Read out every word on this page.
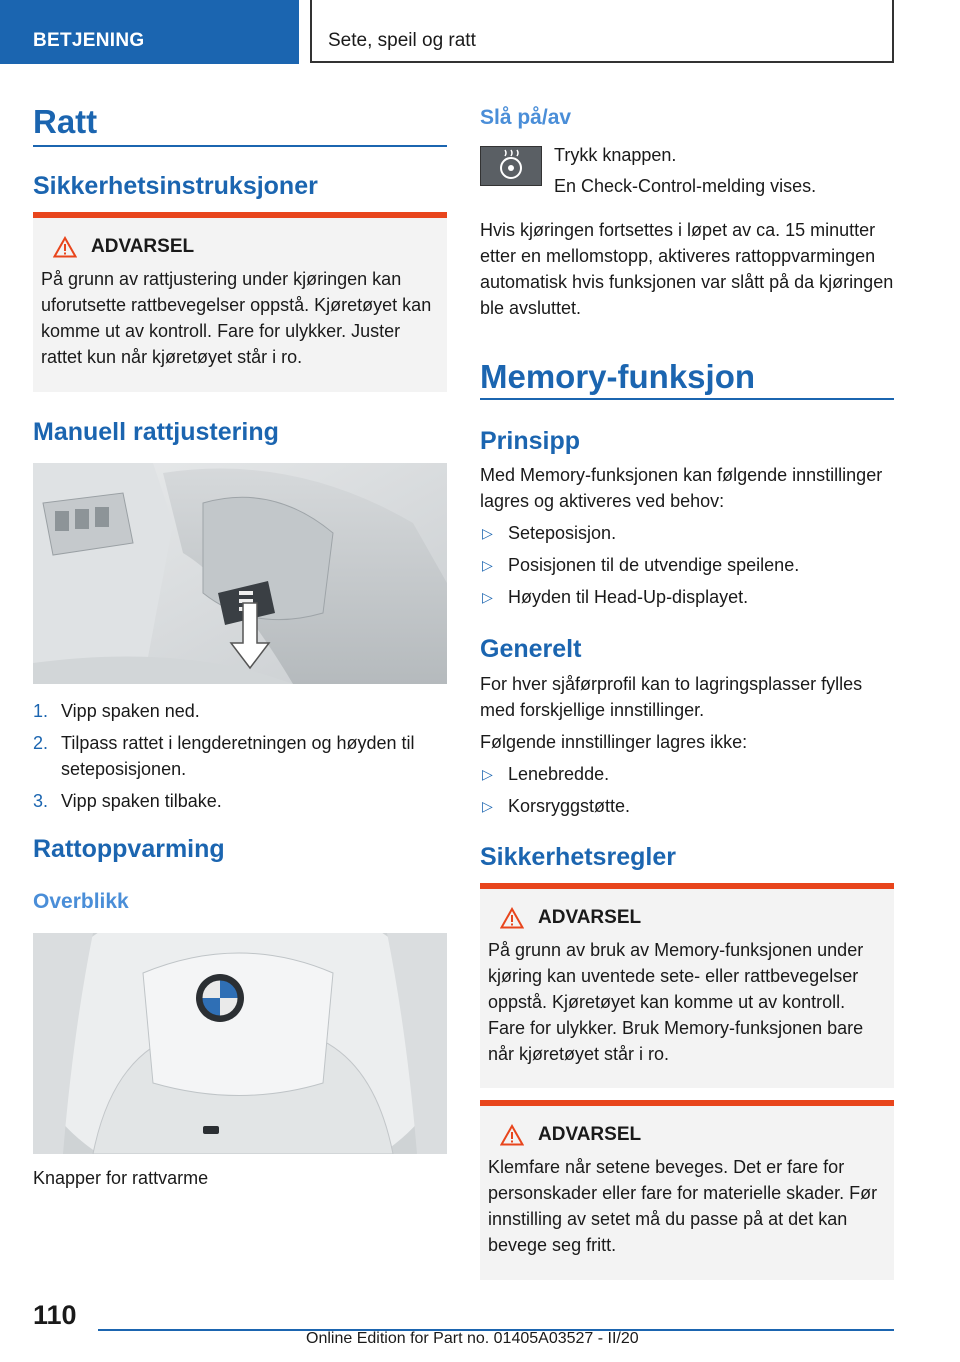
BETJENING	Sete, speil og ratt
Ratt
Sikkerhetsinstruksjoner
ADVARSEL
På grunn av rattjustering under kjøringen kan uforutsette rattbevegelser oppstå. Kjøretøyet kan komme ut av kontroll. Fare for ulykker. Juster rattet kun når kjøretøyet står i ro.
Manuell rattjustering
1. Vipp spaken ned.
2. Tilpass rattet i lengderetningen og høyden til seteposisjonen.
3. Vipp spaken tilbake.
Rattoppvarming
Overblikk

Knapper for rattvarme

Slå på/av

Trykk knappen.

En Check-Control-melding vises.

Hvis kjøringen fortsettes i løpet av ca. 15 minutter etter en mellomstopp, aktiveres rattoppvarmingen automatisk hvis funksjonen var slått på da kjøringen ble avsluttet.

Memory-funksjon
Prinsipp

Med Memory-funksjonen kan følgende innstillinger lagres og aktiveres ved behov:

▷ Seteposisjon.
▷ Posisjonen til de utvendige speilene.
▷ Høyden til Head-Up-displayet.
Generelt

For hver sjåførprofil kan to lagringsplasser fylles med forskjellige innstillinger.

Følgende innstillinger lagres ikke:

▷ Lenebredde.
▷ Korsryggstøtte.
Sikkerhetsregler
ADVARSEL
På grunn av bruk av Memory-funksjonen under kjøring kan uventede sete- eller rattbevegelser oppstå. Kjøretøyet kan komme ut av kontroll. Fare for ulykker. Bruk Memory-funksjonen bare når kjøretøyet står i ro.
ADVARSEL
Klemfare når setene beveges. Det er fare for personskader eller fare for materielle skader. Før innstilling av setet må du passe på at det kan bevege seg fritt.
110
Online Edition for Part no. 01405A03527 - II/20
